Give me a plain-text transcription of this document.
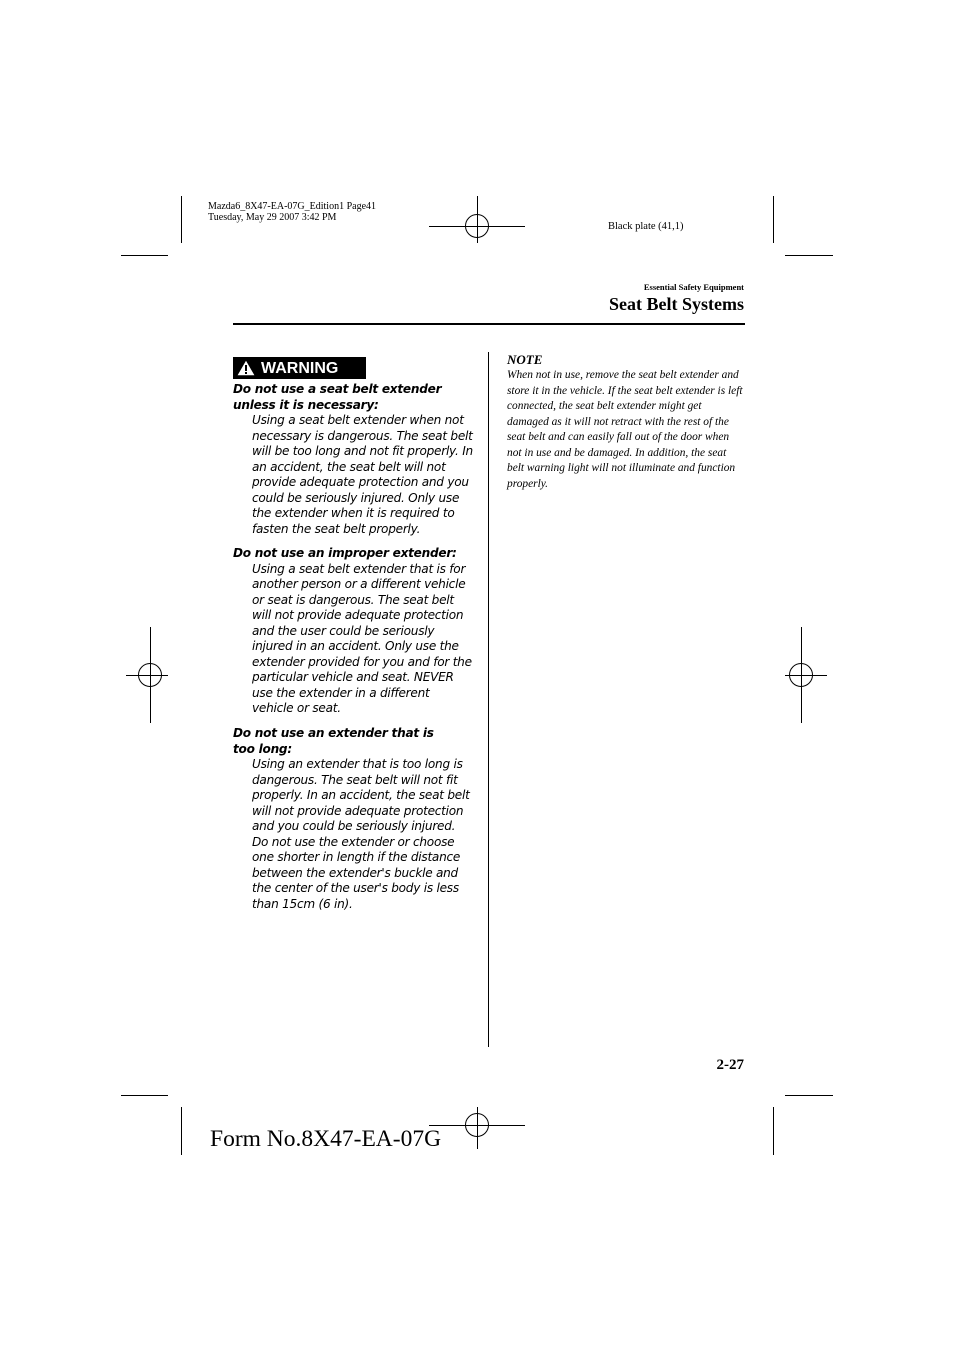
Mazda6_8X47-EA-07G_Edition1 Page41
Tuesday, May 29 2007 3:42 PM
Black plate (41,1)
Essential Safety Equipment
Seat Belt Systems
WARNING
Do not use a seat belt extender unless it is necessary:
Using a seat belt extender when not necessary is dangerous. The seat belt will be too long and not fit properly. In an accident, the seat belt will not provide adequate protection and you could be seriously injured. Only use the extender when it is required to fasten the seat belt properly.
Do not use an improper extender:
Using a seat belt extender that is for another person or a different vehicle or seat is dangerous. The seat belt will not provide adequate protection and the user could be seriously injured in an accident. Only use the extender provided for you and for the particular vehicle and seat. NEVER use the extender in a different vehicle or seat.
Do not use an extender that is too long:
Using an extender that is too long is dangerous. The seat belt will not fit properly. In an accident, the seat belt will not provide adequate protection and you could be seriously injured. Do not use the extender or choose one shorter in length if the distance between the extender's buckle and the center of the user's body is less than 15cm (6 in).
NOTE
When not in use, remove the seat belt extender and store it in the vehicle. If the seat belt extender is left connected, the seat belt extender might get damaged as it will not retract with the rest of the seat belt and can easily fall out of the door when not in use and be damaged. In addition, the seat belt warning light will not illuminate and function properly.
2-27
Form No.8X47-EA-07G
